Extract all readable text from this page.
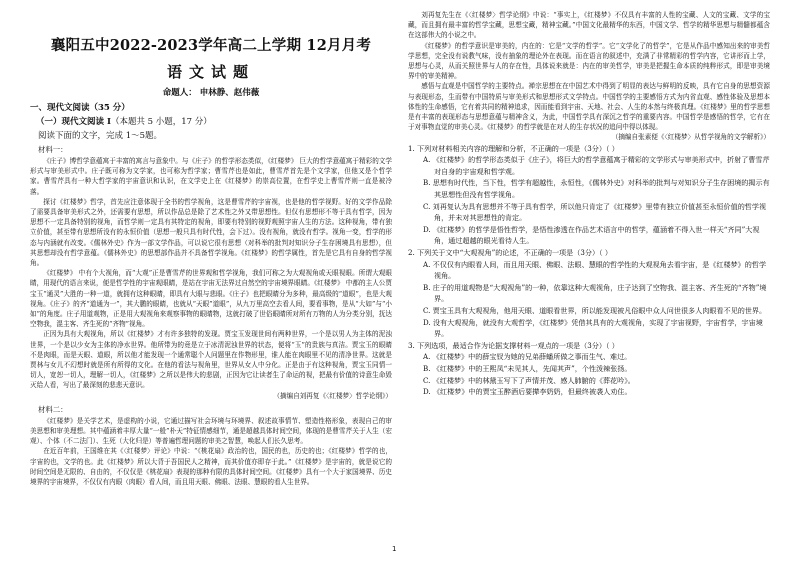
襄阳五中2022-2023学年高二上学期 12月月考
语文试题
命题人： 申林静、赵伟薇
一、现代文阅读（35 分）
（一）现代文阅读 Ⅰ（本题共 5 小题，17 分）
阅读下面的文字，完成 1～5题。
材料一：

《庄子》博哲学意蕴寓于丰富的寓言与意象中。与《庄子》的哲学形态类似，《红楼梦》 巨大的哲学意蕴寓于精彩的文学形式与审美形式中。庄子既可称为文学家，也可称为哲学家；曹雪芹也是如此，曹雪芹首先是个文学家，但他又是个哲学家。曹雪芹具有一种大哲学家的宇宙意识和认识，在文学史上在《红楼梦》的崇高位置，在哲学史上曹雪芹则一直是被冷落。

探讨《红楼梦》哲学，首先应注意体现于全书的哲学视角，这是曹雪芹的宇宙视，也是他的哲学视野。好的文学作品除了需要具备审美形式之外，还需要有思想，所以作品总是除了艺术性之外又带思想性。但仅有思想形不等于具有哲学，因为思想不一定具备特别的视角，而哲学则一定具有其特定的视角，即要有特别的视野观照宇宙人生的方法。这种视角，带有独立价值，甚至带有思想所没有的永恒价值（思想一般只具有时代性，会下过）。没有视角，就没有哲学。视角一变，哲学的形态与内涵就有改变。《儒林外史》作为一部文学作品，可以说它很有思想（对科举的批判对知识分子生存困境具有思想），但其思想却没有哲学意蕴。《儒林外史》的思想部作品并不具备哲学视角。《红楼梦》的哲学属性，首先是它具有自身的哲学视角。

《红楼梦》 中有个大视角，而“大观”正是曹雪芹的世界观和哲学视角，我们可称之为大观视角或天眼视眼。所谓大观眼睛，用现代的语言来说，便是哲学性的宇宙观眼睛，是站在宇宙无法界过自然空的宇宙境界眼睛。《红楼梦》 中都的主人公贾宝玉“通灵”大胜的一种一道，就拥有这种眼睛，即具有大眼与悲眼。《庄子》也把眼睛分为多种，最高级的“道眼”，也是大观视角。《庄子》的齐“道通为一”，其大鹏的眼睛，也就从“天眼”道眼”，从九万里高空去看人间，要看事物，是从“大如”与“小如”的角度。庄子用道观物，正是用大观视角来观察事物的眼睛物，这就打破了世俗眼睛所对所有万物的人为分类分别，抚达空物我，混主客、齐生死的“齐物”视角。

正因为具有大观视角，所以《红楼梦》才有许多独特的发现。贾宝玉发现世间有两种世界，一个是以男人为主体的泥浊世界，一个是以少女为主体的净水世界。他所带为的竟是立于冰清泥浊世界的状态，便将“玉”的贵族与真洁。贾宝玉的眼睛不是肉眼，而是天眼、道眼，所以他才能发现一个通常聪个人问题里在作物形里，谁人能在肉眼里不见的清净世界。这就是贾林与女儿不幻想时就是所有所得的文化。在他的看法与视角里，世界从女人中分化。正是由于有这种视角，贾宝玉同情一切人，宽恕一切人，理解一切人，《红楼梦》之所以是伟大的悲剧，正因为它让读者生了命运的视，把最有价值的诗意生命毁灭给人看，写出了最深刻的悲悲天意识。

（摘编自刘再复《〈红楼梦〉哲学论纲》）

材料二：

《红楼梦》是关学艺术，是虚构的小说，它通过描写社会环境与环境界、叙述故事情节、塑造性格形象，表现自己的审美思想和审美理想。其中蕴涵着丰厚大量“一般”朴天”特征情感细节，通是超越具体时间空间，体现的是曹雪芹关于人生（宏观）、个体（不二法门）、生死（大化归是）等普遍哲理问题的审美之智慧，唤起人们长久思考。

在近百年前，王国维在其《〈红楼梦〉评论》中说：“《桃花扇》政治的也，国民的也，历史的也；《红楼梦》哲学的也，宇宙的也，文学的也。此《红楼梦》所以大背于吾国民人之精神，而其价值亦即存于此。”《红楼梦》是宇宙的，就是说它的时间空间是无限的、自由的，不仅仅是《桃花扇》表现的那种有限的具体时间空间。《红楼梦》具有一个大于家国境界、历史境界的宇宙境界，不仅仅有内眼（肉眼）看人间，而且用天眼、佛眼、法眼、慧眼的看人生世界。

刘再复先生在《〈红楼梦〉哲学论纲》中说：“事实上，《红楼梦》不仅具有丰富的人性的宝藏、人文的宝藏、文学的宝藏，而且拥有最丰富的哲学宝藏，思想宝藏，精神宝藏。”中国文化最精华的东西，中国文学、哲学的精华思想与精髓都蕴含在这部伟大的小说之中。

《红楼梦》的哲学意识是审美的，内在的：它是“文学的哲学”。它“文学化了的哲学”，它是从作品中感知出来的审美哲学思想，完全没有说教气味，没有抽象的理论外在表现。而在语言的叙述中，充满了非常精彩的哲学内容，它讲形而上学，思想与心灵，从而关照世界与人的存在性，具体说来就是：内在的审美哲学，审美是把握生命本质的纯粹形式，即是审美境界中的审美精神。

感悟与直观是中国哲学的主要特点。禅宗思想在在中国艺术中得到了明显的表达与鲜明的反映，具有它自身的思想资源与表现形态，生而带有中国特质与审美形式和思想形式文学特点。中国哲学的主要感悟方式为内省直观、感性体验及思想本体性的生命感悟，它有着共同的精神追求，因而能看到宇宙、天地、社会、人生的本然与终极真理。《红楼梦》里的哲学思想是有丰富的表现形态与思想意蕴与精神含义，为此，中国哲学具有深沉之哲学的重要内容。中国哲学是感悟的哲学，它有在于对事物直觉的审美心灵。《红楼梦》的哲学就是在对人的生存状况的追问中得以体现。

（摘编自张素便《〈红楼梦〉从哲学视角的文学解析》）

1. 下列对材料相关内容的理解和分析，不正确的一项是（3分）（ ）

A. 《红楼梦》的哲学形态类似于《庄子》，将巨大的哲学意蕴寓于精彩的文学形式与审美形式中，折射了曹雪芹对自身的宇宙观和哲学观。

B. 思想有时代性，当下性，哲学有超越性，永恒性，《儒林外史》对科举的批判与对知识分子生存困境的揭示有其思想性但没有哲学视角。

C. 刘再复认为具有思想并不等于具有哲学，所以他只肯定了《红楼梦》里带有独立价值甚至永恒价值的哲学视角，并未对其思想性的肯定。

D. 《红楼梦》的哲学是悟性哲学，是悟性渗透在作品艺术语言中的哲学，蕴涵着不得入世一样天“齐同”大视角，通过超越的眼光看待人生。

2. 下列关于文中“大观视角”的论述，不正确的一项是（3分）（ ）

A. 不仅仅有内眼看人间，而且用天眼、佛眼、法眼、慧眼的哲学性的大观视角去看宇宙，是《红楼梦》的哲学视角。

B. 庄子的用道观物是“大观视角”的一种，依靠这种大观视角，庄子达到了空物我、混主客、齐生死的“齐物”境界。

C. 贾宝玉具有大观视角，他用天眼、道眼看世界，所以能发现被凡俗眼中众人问世很多人肉眼看不见的世界。

D. 没有大观视角，就没有大观哲学，《红楼梦》凭借其具有的大观视角，实现了宇宙视野，宇宙哲学，宇宙境界。

3. 下列选项，最适合作为论据支撑材料一观点的一项是（3分）（ ）

A. 《红楼梦》中的薛宝钗为她的兄弟薛蟠所做之事而生气、难过。

B. 《红楼梦》中的王熙凤“未见其人，先闻其声”，个性泼辣张扬。

C. 《红楼梦》中的林黛玉写下了声情并茂、感人肺腑的《葬花吟》。

D. 《红楼梦》中的贾宝玉醉酒后要撵李奶奶，但最终被袭人劝住。

1
